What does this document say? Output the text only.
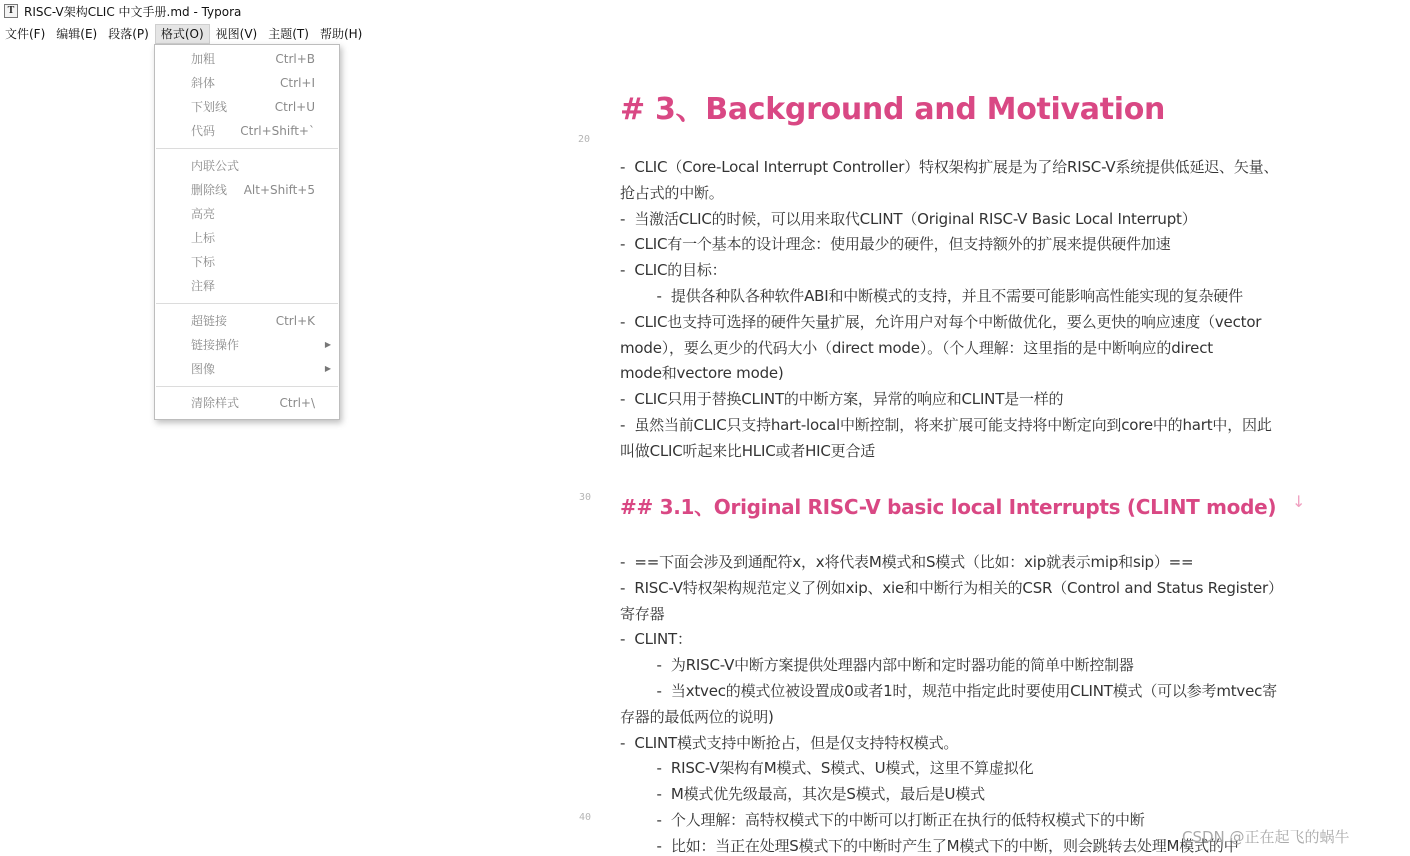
T RISC-V架构CLIC 中文手册.md - Typora
文件(F) 编辑(E) 段落(P)	格式(O)	视图(V) 主题(T) 帮助(H)
加粗	Ctrl+B
斜体	Ctrl+I
下划线	Ctrl+U
代码 Ctrl+Shift+`
内联公式
删除线 Alt+Shift+5
高亮
上标
下标
注释
超链接	Ctrl+K
链接操作	▶
图像	▶
清除样式	Ctrl+\
20
30
40
# 3、Background and Motivation
## 3.1、Original RISC-V basic local Interrupts (CLINT mode) ↓
-  CLIC（Core-Local Interrupt Controller）特权架构扩展是为了给RISC-V系统提供低延迟、矢量、
抢占式的中断。
-  当激活CLIC的时候，可以用来取代CLINT（Original RISC-V Basic Local Interrupt）
-  CLIC有一个基本的设计理念：使用最少的硬件，但支持额外的扩展来提供硬件加速
-  CLIC的目标：
-  提供各种队各种软件ABI和中断模式的支持，并且不需要可能影响高性能实现的复杂硬件
-  CLIC也支持可选择的硬件矢量扩展，允许用户对每个中断做优化，要么更快的响应速度（vector
mode），要么更少的代码大小（direct mode）。（个人理解：这里指的是中断响应的direct
mode和vectore mode)
-  CLIC只用于替换CLINT的中断方案，异常的响应和CLINT是一样的
-  虽然当前CLIC只支持hart-local中断控制，将来扩展可能支持将中断定向到core中的hart中，因此
叫做CLIC听起来比HLIC或者HIC更合适
-  ==下面会涉及到通配符x，x将代表M模式和S模式（比如：xip就表示mip和sip）==
-  RISC-V特权架构规范定义了例如xip、xie和中断行为相关的CSR（Control and Status Register）
寄存器
-  CLINT：
-  为RISC-V中断方案提供处理器内部中断和定时器功能的简单中断控制器
-  当xtvec的模式位被设置成0或者1时，规范中指定此时要使用CLINT模式（可以参考mtvec寄
存器的最低两位的说明)
-  CLINT模式支持中断抢占，但是仅支持特权模式。
-  RISC-V架构有M模式、S模式、U模式，这里不算虚拟化
-  M模式优先级最高，其次是S模式，最后是U模式
-  个人理解：高特权模式下的中断可以打断正在执行的低特权模式下的中断
-  比如：当正在处理S模式下的中断时产生了M模式下的中断，则会跳转去处理M模式的中
CSDN @正在起飞的蜗牛
